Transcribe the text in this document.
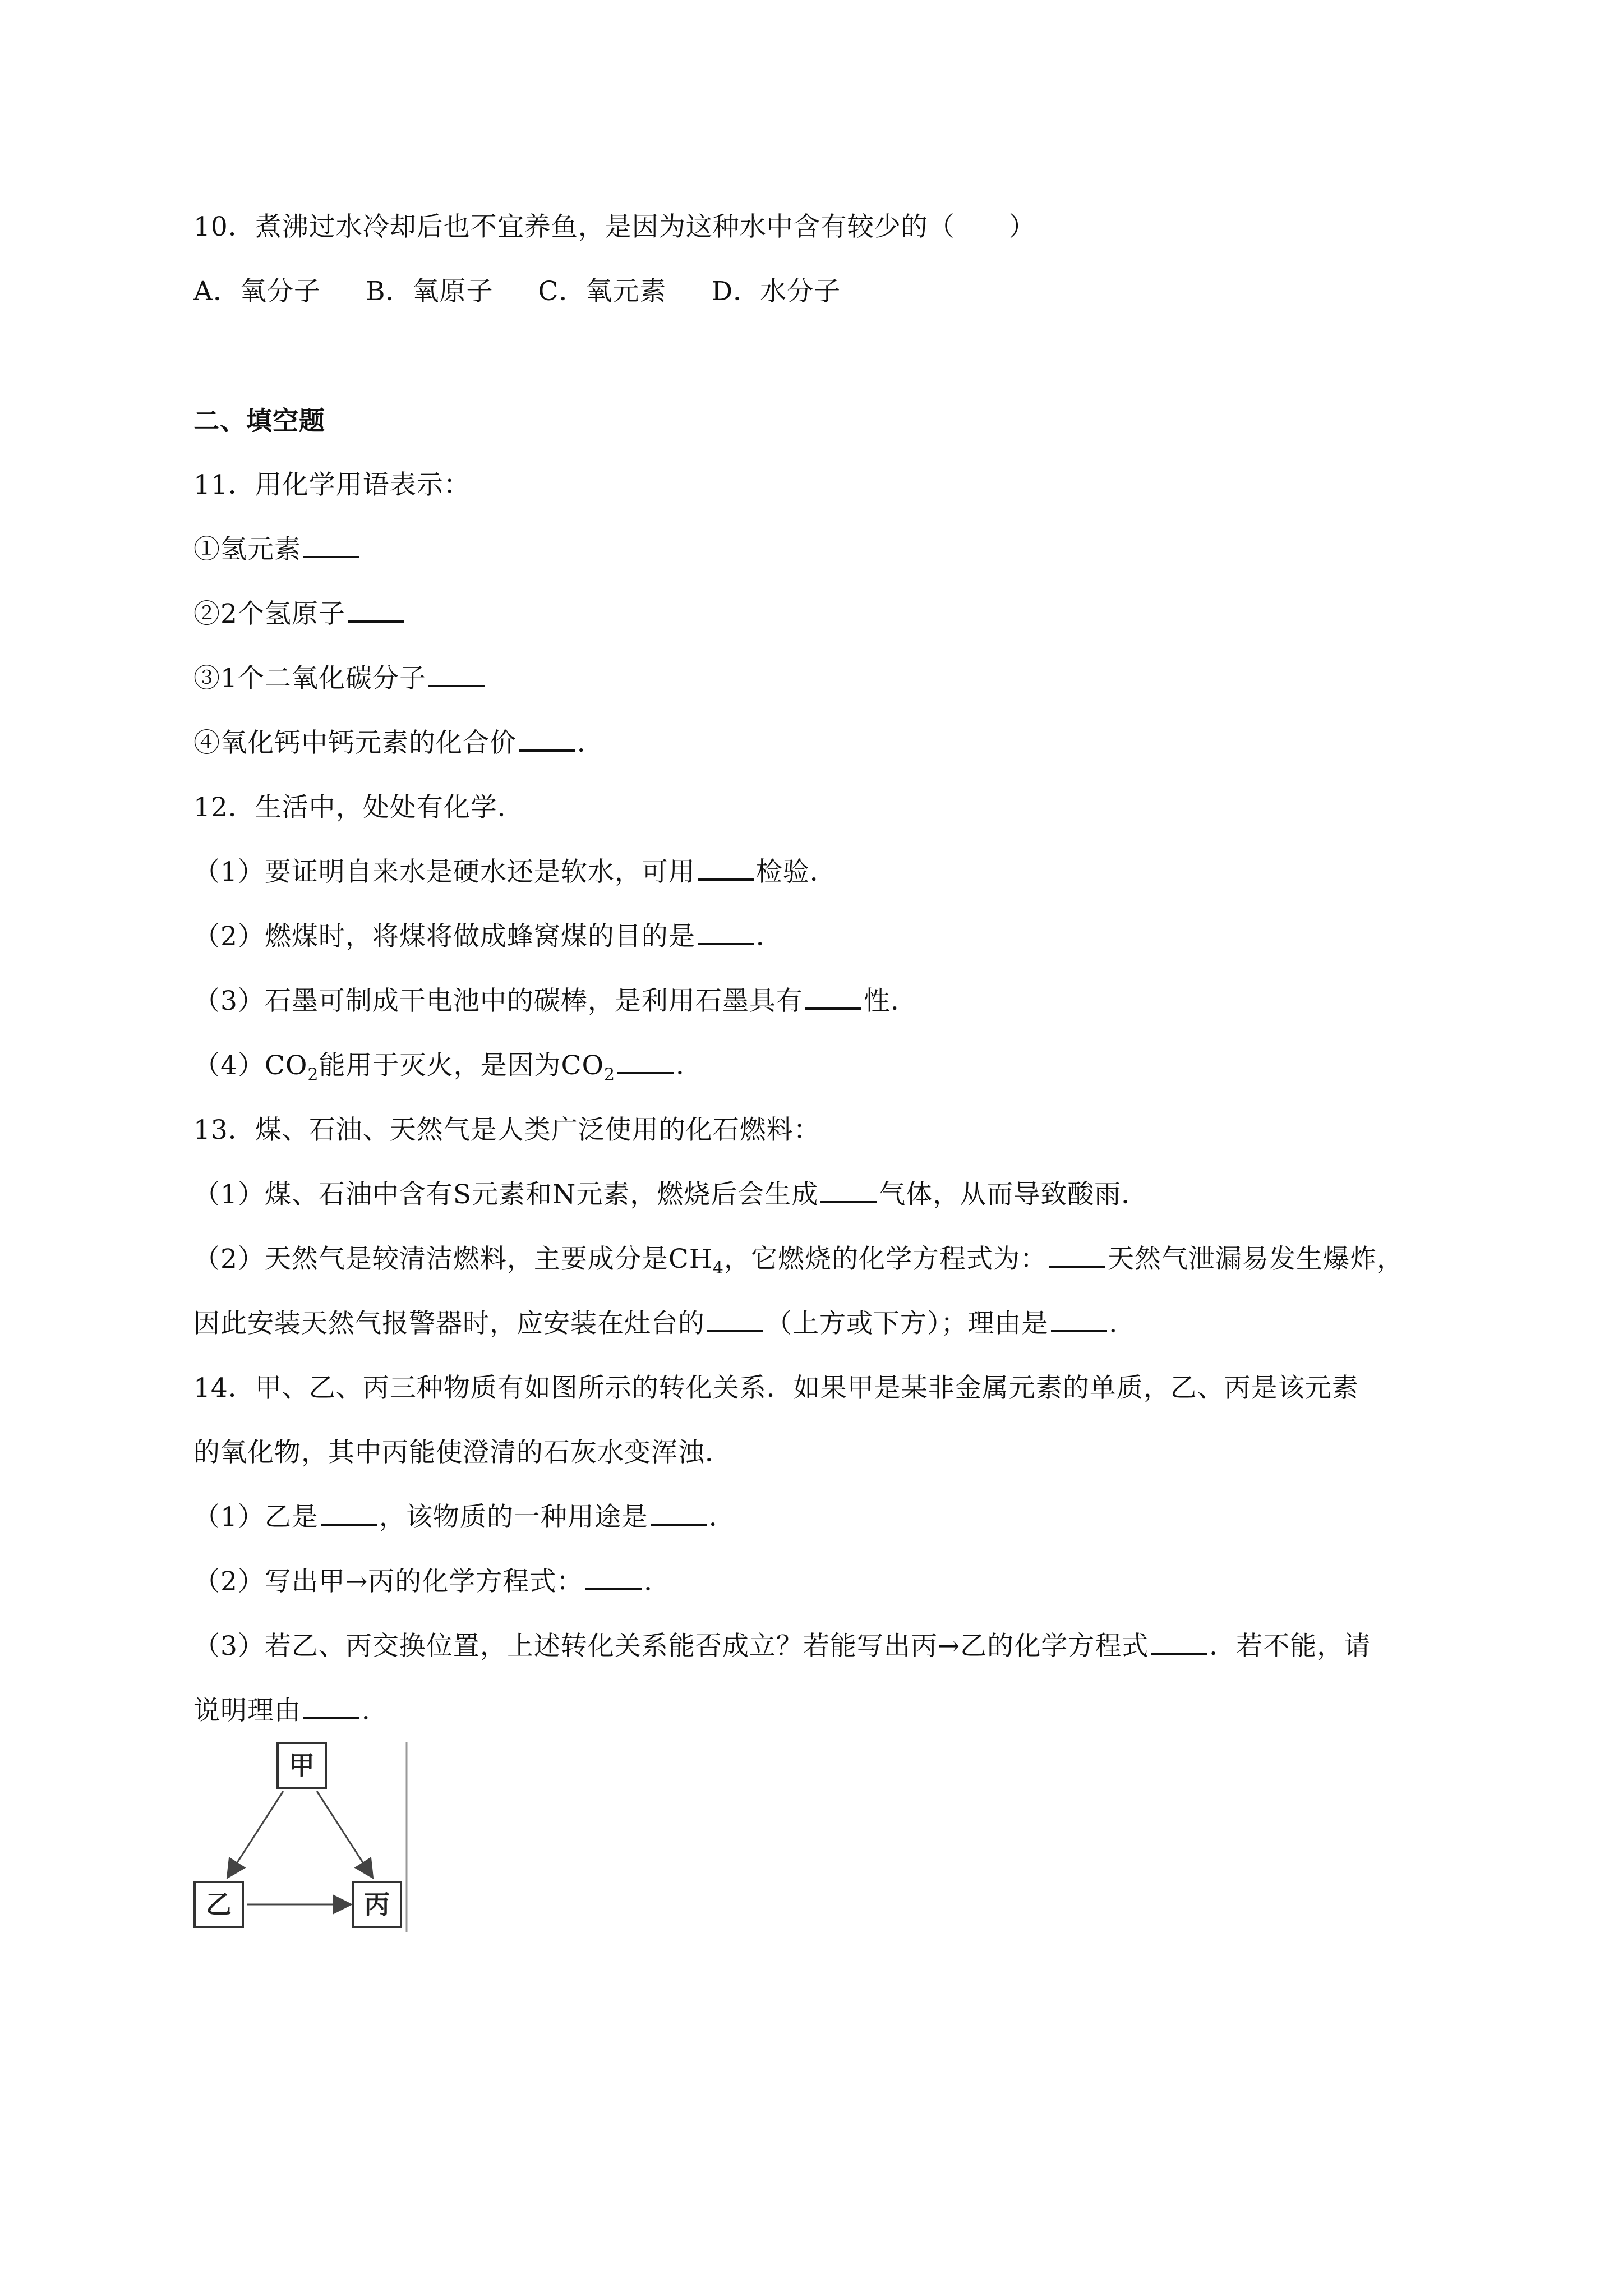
10．煮沸过水冷却后也不宜养鱼，是因为这种水中含有较少的（　　）
A．氧分子 B．氧原子 C．氧元素 D．水分子
二、填空题
11．用化学用语表示：
①氢元素
②2个氢原子
③1个二氧化碳分子
④氧化钙中钙元素的化合价 ．
12．生活中，处处有化学．
（1）要证明自来水是硬水还是软水，可用 检验．
（2）燃煤时，将煤将做成蜂窝煤的目的是 ．
（3）石墨可制成干电池中的碳棒，是利用石墨具有 性．
$(4)CO_2$能用于灭火，是因为$CO_2$ ．
13．煤、石油、天然气是人类广泛使用的化石燃料：
（1）煤、石油中含有S元素和N元素，燃烧后会生成 气体，从而导致酸雨．
（2）天然气是较清洁燃料，主要成分是$CH_4$，它燃烧的化学方程式为： 天然气泄漏易发生爆炸，
因此安装天然气报警器时，应安装在灶台的 （上方或下方）；理由是 ．
14．甲、乙、丙三种物质有如图所示的转化关系．如果甲是某非金属元素的单质，乙、丙是该元素
的氧化物，其中丙能使澄清的石灰水变浑浊．
（1）乙是 ，该物质的一种用途是 ．
（2）写出甲→丙的化学方程式： ．
（3）若乙、丙交换位置，上述转化关系能否成立？若能写出丙→乙的化学方程式 ．若不能，请
说明理由 ．
甲
乙	丙
